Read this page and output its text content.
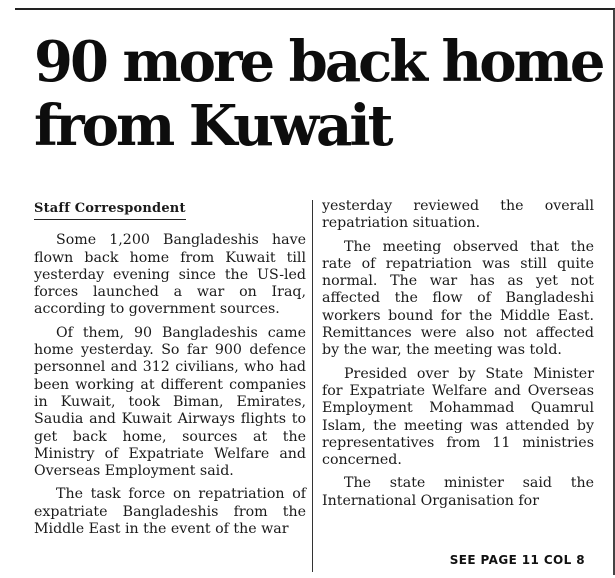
90 more back home from Kuwait
Staff Correspondent

Some 1,200 Bangladeshis have flown back home from Kuwait till yesterday evening since the US-led forces launched a war on Iraq, according to government sources.

Of them, 90 Bangladeshis came home yesterday. So far 900 defence personnel and 312 civilians, who had been working at different companies in Kuwait, took Biman, Emirates, Saudia and Kuwait Airways flights to get back home, sources at the Ministry of Expatriate Welfare and Overseas Employment said.

The task force on repatriation of expatriate Bangladeshis from the Middle East in the event of the war

yesterday reviewed the overall repatriation situation.

The meeting observed that the rate of repatriation was still quite normal. The war has as yet not affected the flow of Bangladeshi workers bound for the Middle East. Remittances were also not affected by the war, the meeting was told.

Presided over by State Minister for Expatriate Welfare and Overseas Employment Mohammad Quamrul Islam, the meeting was attended by representatives from 11 ministries concerned.

The state minister said the International Organisation for

SEE PAGE 11 COL 8
